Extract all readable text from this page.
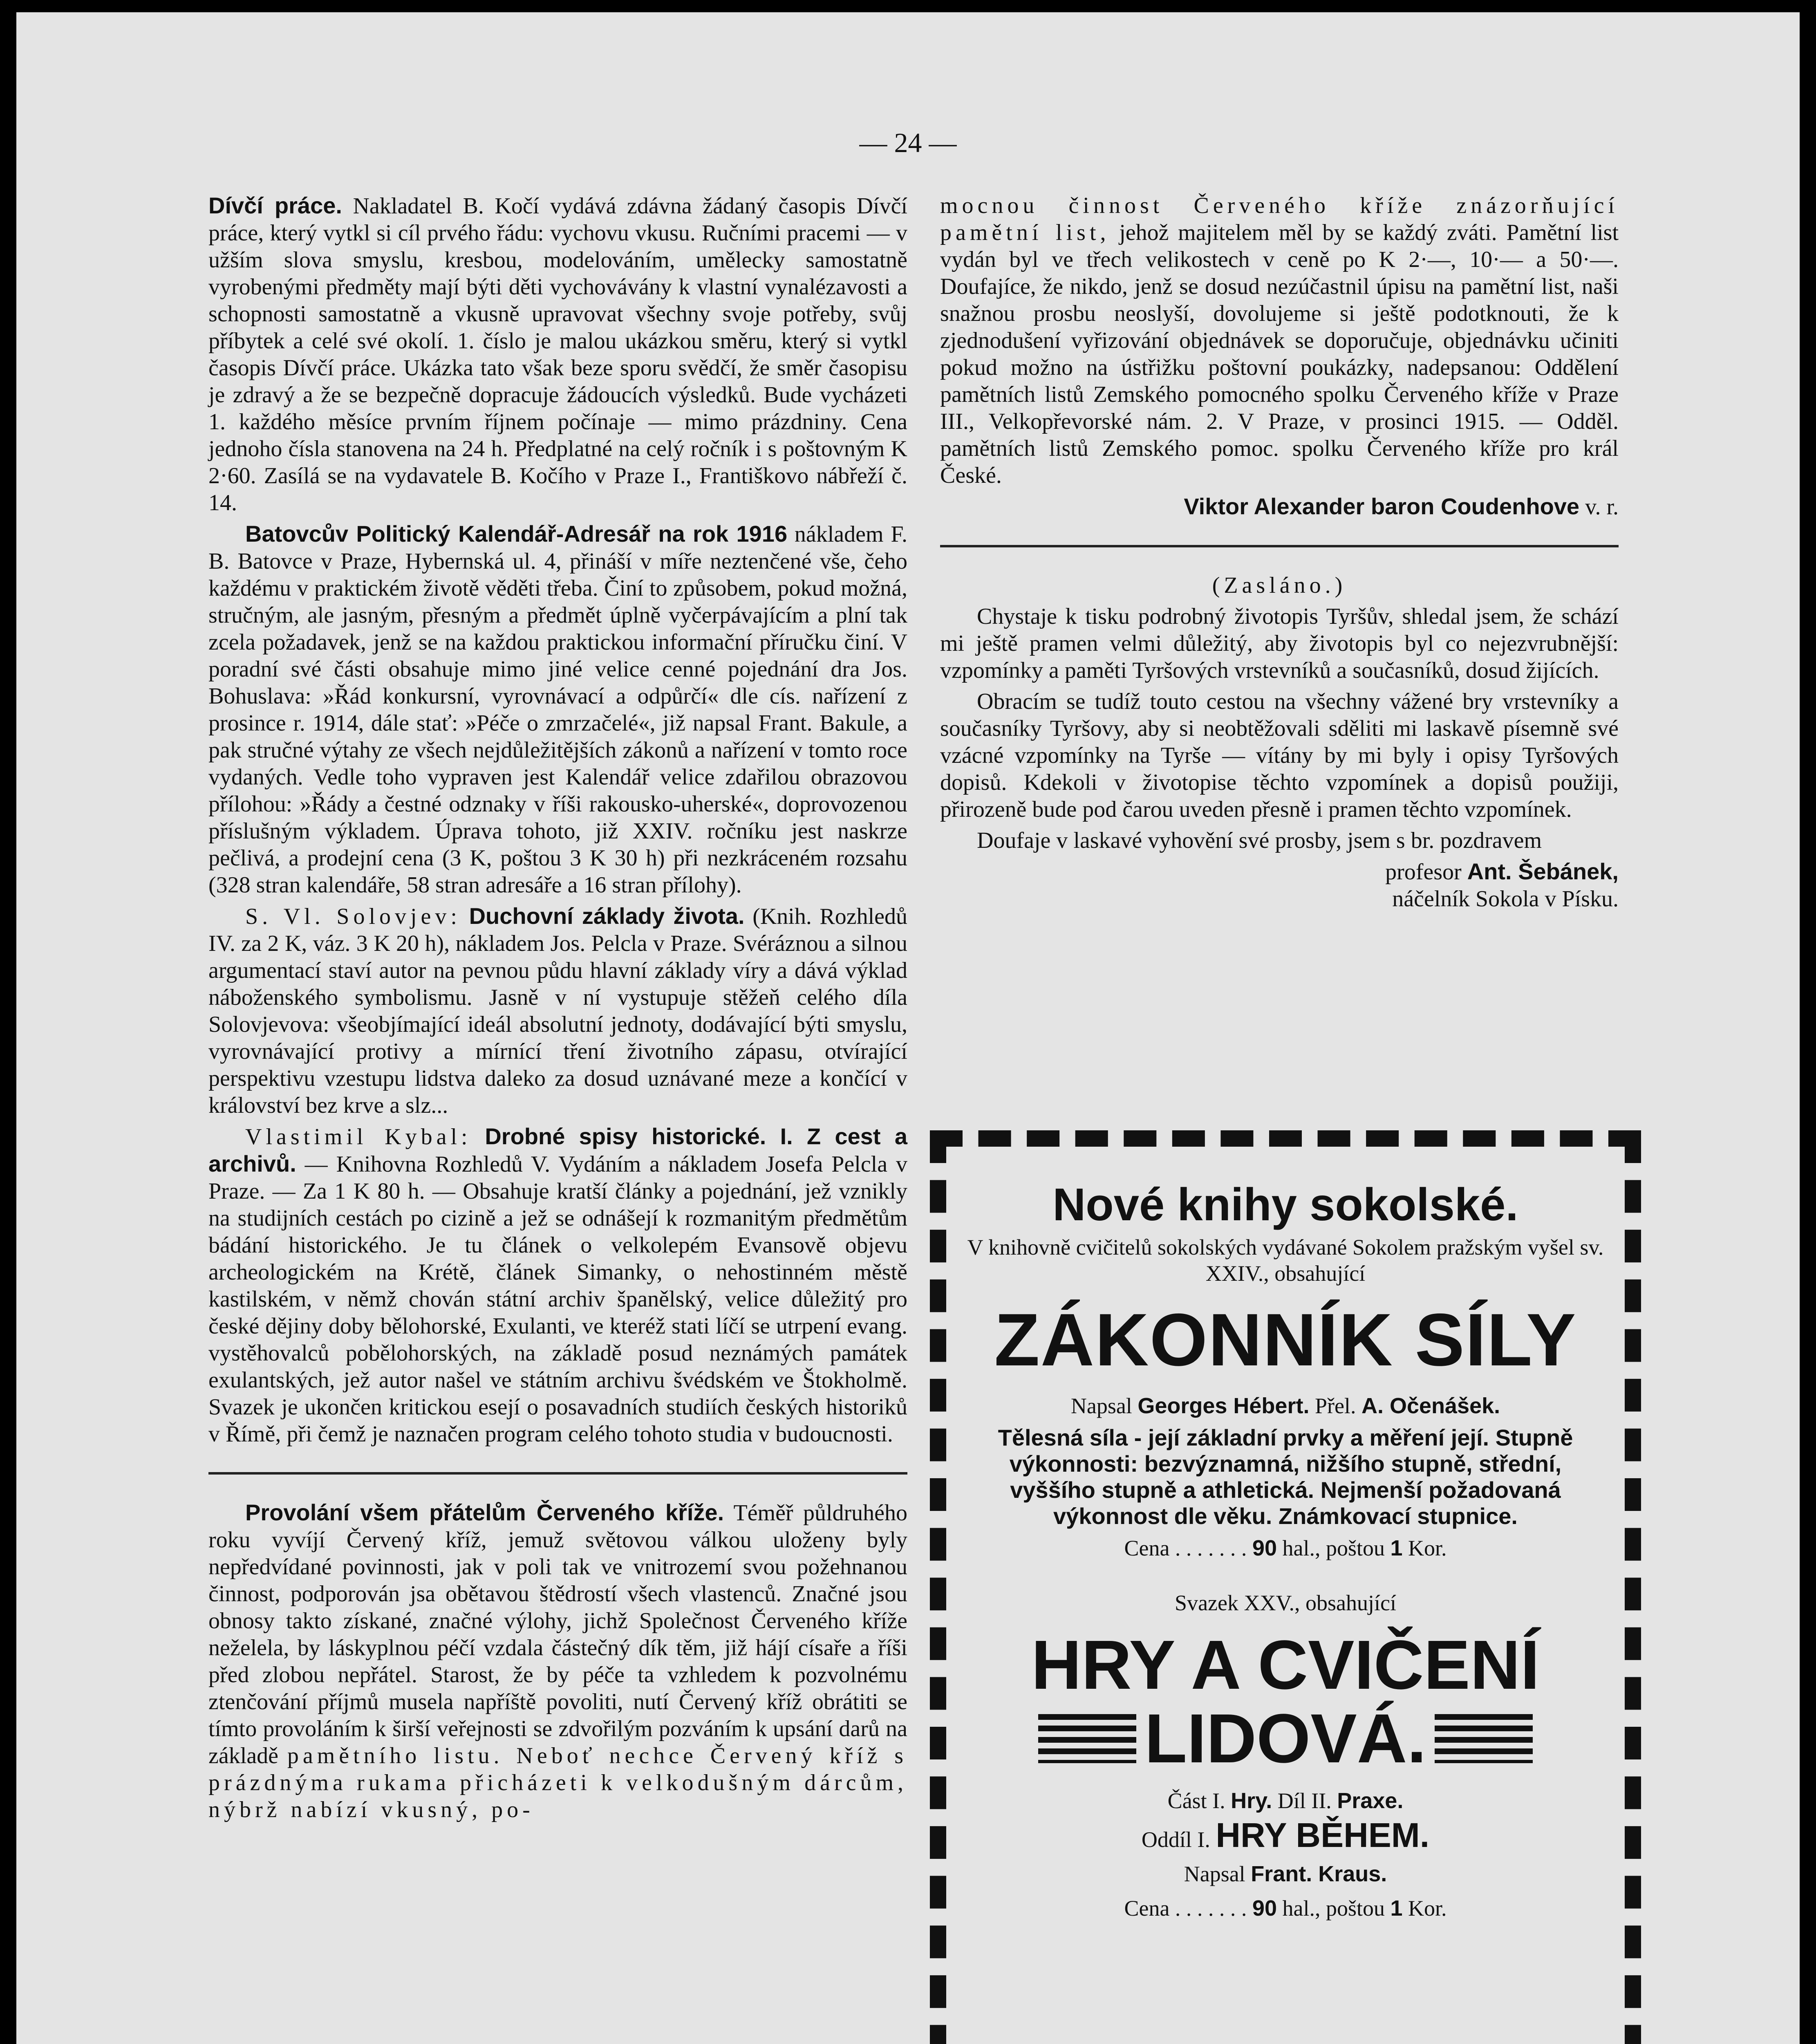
— 24 —

Dívčí práce. Nakladatel B. Kočí vydává zdávna žádaný časopis Dívčí práce, který vytkl si cíl prvého řádu: vychovu vkusu. Ručními pracemi — v užším slova smyslu, kresbou, modelováním, umělecky samostatně vyrobenými předměty mají býti děti vychovávány k vlastní vynalézavosti a schopnosti samostatně a vkusně upravovat všechny svoje potřeby, svůj příbytek a celé své okolí. 1. číslo je malou ukázkou směru, který si vytkl časopis Dívčí práce. Ukázka tato však beze sporu svědčí, že směr časopisu je zdravý a že se bezpečně dopracuje žádoucích výsledků. Bude vycházeti 1. každého měsíce prvním říjnem počínaje — mimo prázdniny. Cena jednoho čísla stanovena na 24 h. Předplatné na celý ročník i s poštovným K 2·60. Zasílá se na vydavatele B. Kočího v Praze I., Františkovo nábřeží č. 14.

Batovcův Politický Kalendář-Adresář na rok 1916 nákladem F. B. Batovce v Praze, Hybernská ul. 4, přináší v míře neztenčené vše, čeho každému v praktickém životě věděti třeba. Činí to způsobem, pokud možná, stručným, ale jasným, přesným a předmět úplně vyčerpávajícím a plní tak zcela požadavek, jenž se na každou praktickou informační příručku činí. V poradní své části obsahuje mimo jiné velice cenné pojednání dra Jos. Bohuslava: »Řád konkursní, vyrovnávací a odpůrčí« dle cís. nařízení z prosince r. 1914, dále stať: »Péče o zmrzačelé«, již napsal Frant. Bakule, a pak stručné výtahy ze všech nejdůležitějších zákonů a nařízení v tomto roce vydaných. Vedle toho vypraven jest Kalendář velice zdařilou obrazovou přílohou: »Řády a čestné odznaky v říši rakousko-uherské«, doprovozenou příslušným výkladem. Úprava tohoto, již XXIV. ročníku jest naskrze pečlivá, a prodejní cena (3 K, poštou 3 K 30 h) při nezkráceném rozsahu (328 stran kalendáře, 58 stran adresáře a 16 stran přílohy).

S. Vl. Solovjev: Duchovní základy života. (Knih. Rozhledů IV. za 2 K, váz. 3 K 20 h), nákladem Jos. Pelcla v Praze. Svéráznou a silnou argumentací staví autor na pevnou půdu hlavní základy víry a dává výklad náboženského symbolismu. Jasně v ní vystupuje stěžeň celého díla Solovjevova: všeobjímající ideál absolutní jednoty, dodávající býti smyslu, vyrovnávající protivy a mírnící tření životního zápasu, otvírající perspektivu vzestupu lidstva daleko za dosud uznávané meze a končící v království bez krve a slz...

Vlastimil Kybal: Drobné spisy historické. I. Z cest a archivů. — Knihovna Rozhledů V. Vydáním a nákladem Josefa Pelcla v Praze. — Za 1 K 80 h. — Obsahuje kratší články a pojednání, jež vznikly na studijních cestách po cizině a jež se odnášejí k rozmanitým předmětům bádání historického. Je tu článek o velkolepém Evansově objevu archeologickém na Krétě, článek Simanky, o nehostinném městě kastilském, v němž chován státní archiv španělský, velice důležitý pro české dějiny doby bělohorské, Exulanti, ve kteréž stati líčí se utrpení evang. vystěhovalců pobělohorských, na základě posud neznámých památek exulantských, jež autor našel ve státním archivu švédském ve Štokholmě. Svazek je ukončen kritickou esejí o posavadních studiích českých historiků v Římě, při čemž je naznačen program celého tohoto studia v budoucnosti.

Provolání všem přátelům Červeného kříže. Téměř půldruhého roku vyvíjí Červený kříž, jemuž světovou válkou uloženy byly nepředvídané povinnosti, jak v poli tak ve vnitrozemí svou požehnanou činnost, podporován jsa obětavou štědrostí všech vlastenců. Značné jsou obnosy takto získané, značné výlohy, jichž Společnost Červeného kříže nežel​ela, by láskyplnou péčí vzdala částečný dík těm, již hájí císaře a říši před zlobou nepřátel. Starost, že by péče ta vzhledem k pozvolnému ztenčování příjmů musela napříště povoliti, nutí Červený kříž obrátiti se tímto provoláním k širší veřejnosti se zdvořilým pozváním k upsání darů na základě pamětního listu. Neboť nechce Červený kříž s prázdnýma rukama přicházeti k velkodušným dárcům, nýbrž nabízí vkusný, po-

mocnou činnost Červeného kříže znázorňující pamětní list, jehož majitelem měl by se každý zváti. Pamětní list vydán byl ve třech velikostech v ceně po K 2·—, 10·— a 50·—. Doufajíce, že nikdo, jenž se dosud nezúčastnil úpisu na pamětní list, naši snažnou prosbu neoslyší, dovolujeme si ještě podotknouti, že k zjednodušení vyřizování objednávek se doporučuje, objednávku učiniti pokud možno na ústřižku poštovní poukázky, nadepsanou: Oddělení pamětních listů Zemského pomocného spolku Červeného kříže v Praze III., Velkopřevorské nám. 2. V Praze, v prosinci 1915. — Odděl. pamětních listů Zemského pomoc. spolku Červeného kříže pro král České.

Viktor Alexander baron Coudenhove v. r.

(Zasláno.)

Chystaje k tisku podrobný životopis Tyršův, shledal jsem, že schází mi ještě pramen velmi důležitý, aby životopis byl co nejezvrubnější: vzpomínky a paměti Tyršových vrstevníků a současníků, dosud žijících.

Obracím se tudíž touto cestou na všechny vážené bry vrstevníky a současníky Tyršovy, aby si neobtěžovali sděliti mi laskavě písemně své vzácné vzpomínky na Tyrše — vítány by mi byly i opisy Tyršových dopisů. Kdekoli v životopise těchto vzpomínek a dopisů použiji, přirozeně bude pod čarou uveden přesně i pramen těchto vzpomínek.

Doufaje v laskavé vyhovění své prosby, jsem s br. pozdravem

profesor Ant. Šebánek,
náčelník Sokola v Písku.

Nové knihy sokolské.
V knihovně cvičitelů sokolských vydávané Sokolem pražským vyšel sv. XXIV., obsahující
ZÁKONNÍK SÍLY
Napsal Georges Hébert. Přel. A. Očenášek.
Tělesná síla - její základní prvky a měření její. Stupně výkonnosti: bezvýznamná, nižšího stupně, střední, vyššího stupně a athletická. Nejmenší požadovaná výkonnost dle věku. Známkovací stupnice.
Cena . . . . . . . 90 hal., poštou 1 Kor.
Svazek XXV., obsahující
HRY A CVIČENÍ
LIDOVÁ.
Část I. Hry. Díl II. Praxe.
Oddíl I. HRY BĚHEM.
Napsal Frant. Kraus.
Cena . . . . . . . 90 hal., poštou 1 Kor.
